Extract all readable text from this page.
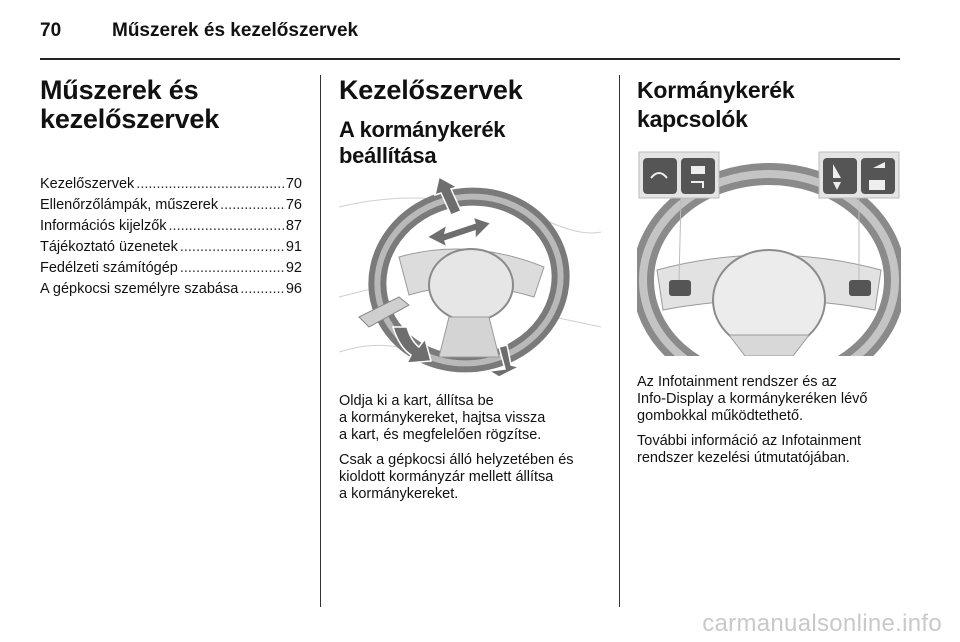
70	Műszerek és kezelőszervek
Műszerek és
kezelőszervek
Kezelőszervek .....	70
Ellenőrzőlámpák, műszerek .....	76
Információs kijelzők .....	87
Tájékoztató üzenetek .....	91
Fedélzeti számítógép .....	92
A gépkocsi személyre szabása .....	96
Kezelőszervek
A kormánykerék beállítása
Oldja ki a kart, állítsa be
a kormánykereket, hajtsa vissza
a kart, és megfelelően rögzítse.
Csak a gépkocsi álló helyzetében és
kioldott kormányzár mellett állítsa
a kormánykereket.
Kormánykerék kapcsolók
Az Infotainment rendszer és az
Info-Display a kormánykeréken lévő
gombokkal működtethető.
További információ az Infotainment
rendszer kezelési útmutatójában.
carmanualsonline.info
